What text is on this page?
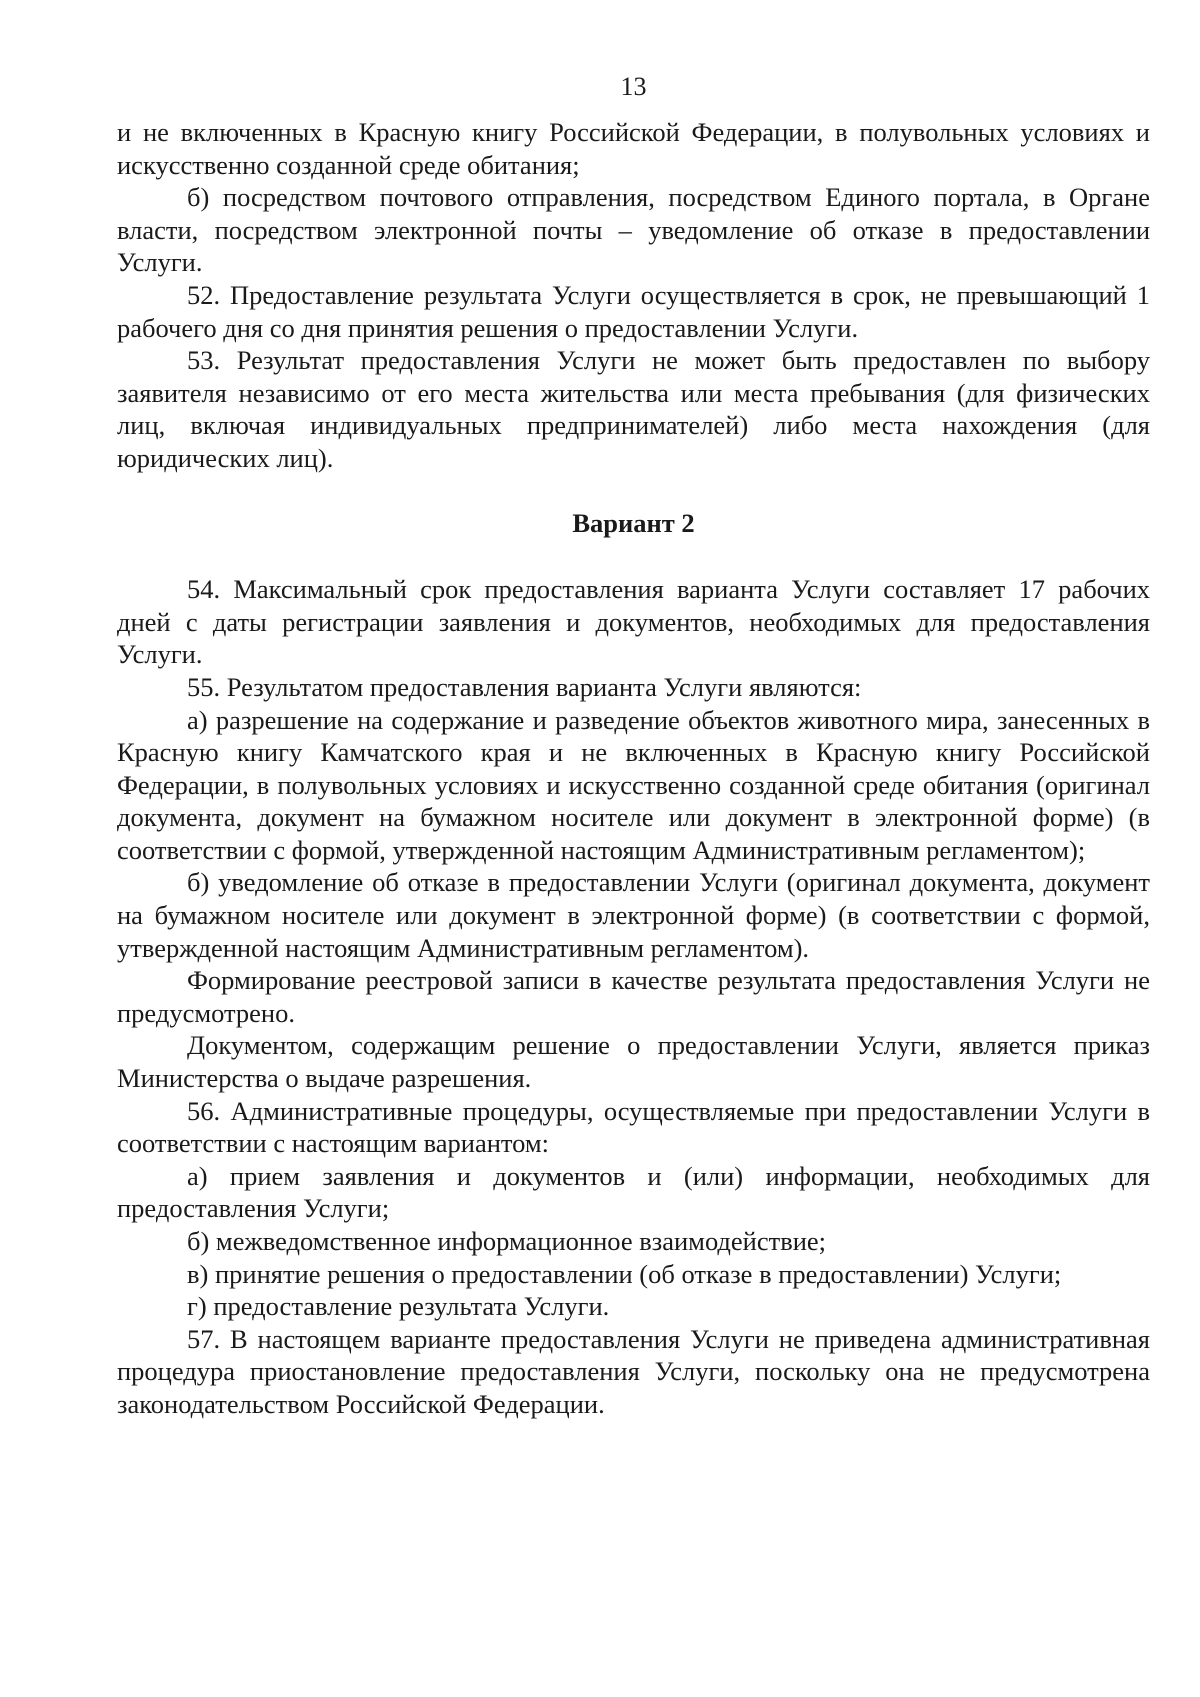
13

и не включенных в Красную книгу Российской Федерации, в полувольных условиях и искусственно созданной среде обитания;

б) посредством почтового отправления, посредством Единого портала, в Органе власти, посредством электронной почты – уведомление об отказе в предоставлении Услуги.

52. Предоставление результата Услуги осуществляется в срок, не превышающий 1 рабочего дня со дня принятия решения о предоставлении Услуги.

53. Результат предоставления Услуги не может быть предоставлен по выбору заявителя независимо от его места жительства или места пребывания (для физических лиц, включая индивидуальных предпринимателей) либо места нахождения (для юридических лиц).

Вариант 2

54. Максимальный срок предоставления варианта Услуги составляет 17 рабочих дней с даты регистрации заявления и документов, необходимых для предоставления Услуги.

55. Результатом предоставления варианта Услуги являются:

а) разрешение на содержание и разведение объектов животного мира, занесенных в Красную книгу Камчатского края и не включенных в Красную книгу Российской Федерации, в полувольных условиях и искусственно созданной среде обитания (оригинал документа, документ на бумажном носителе или документ в электронной форме) (в соответствии с формой, утвержденной настоящим Административным регламентом);

б) уведомление об отказе в предоставлении Услуги (оригинал документа, документ на бумажном носителе или документ в электронной форме) (в соответствии с формой, утвержденной настоящим Административным регламентом).

Формирование реестровой записи в качестве результата предоставления Услуги не предусмотрено.

Документом, содержащим решение о предоставлении Услуги, является приказ Министерства о выдаче разрешения.

56. Административные процедуры, осуществляемые при предоставлении Услуги в соответствии с настоящим вариантом:

а) прием заявления и документов и (или) информации, необходимых для предоставления Услуги;

б) межведомственное информационное взаимодействие;

в) принятие решения о предоставлении (об отказе в предоставлении) Услуги;

г) предоставление результата Услуги.

57. В настоящем варианте предоставления Услуги не приведена административная процедура приостановление предоставления Услуги, поскольку она не предусмотрена законодательством Российской Федерации.
